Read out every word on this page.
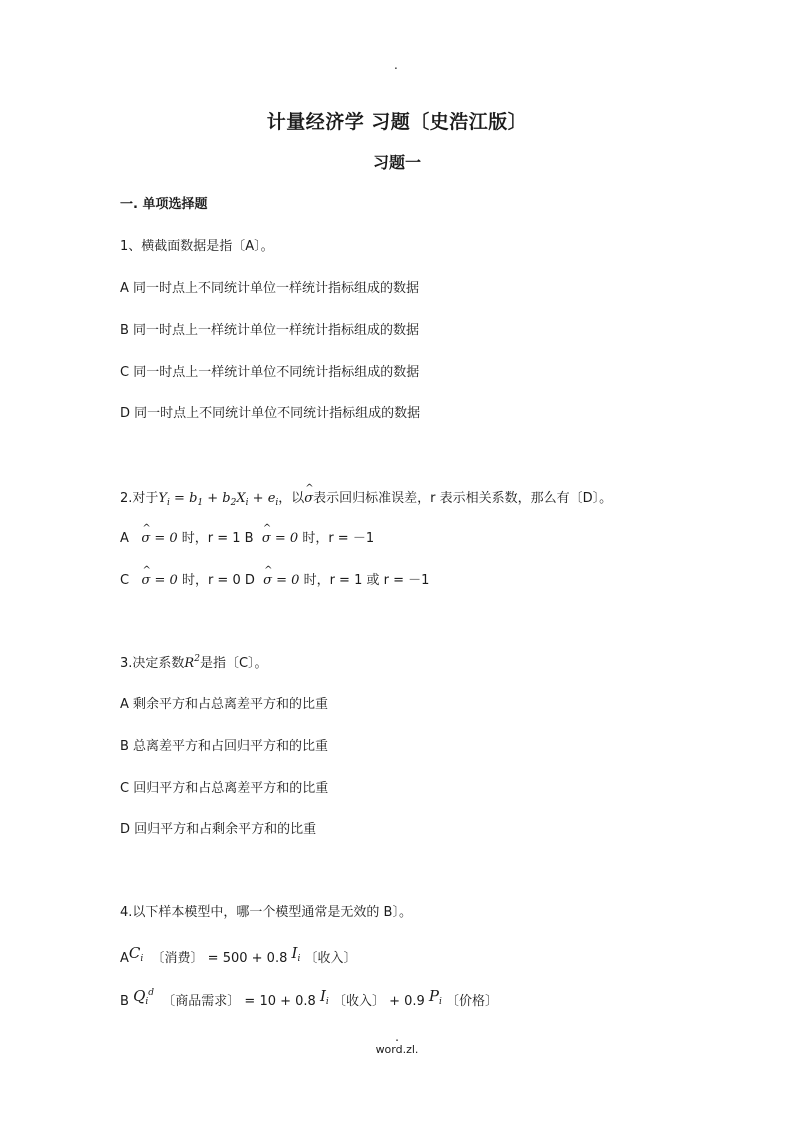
.
计量经济学 习题〔史浩江版〕
习题一
一. 单项选择题
1、横截面数据是指〔A〕。
A 同一时点上不同统计单位一样统计指标组成的数据
B 同一时点上一样统计单位一样统计指标组成的数据
C 同一时点上一样统计单位不同统计指标组成的数据
D 同一时点上不同统计单位不同统计指标组成的数据
2.对于$Y_i = b_1 + b_2X_i + e_i$，以^ σ表示回归标准误差，r 表示相关系数，那么有〔D〕。
A ^ σ = 0 时，r = 1 B ^ σ = 0 时，r = －1
C ^ σ = 0 时，r = 0 D ^ σ = 0 时，r = 1 或 r = －1
3.决定系数$R^2$是指〔C〕。
A 剩余平方和占总离差平方和的比重
B 总离差平方和占回归平方和的比重
C 回归平方和占总离差平方和的比重
D 回归平方和占剩余平方和的比重
4.以下样本模型中，哪一个模型通常是无效的 B〕。
$AC_i$ 〔消费〕 = 500 + 0.8 $I_i$ 〔收入〕
B $Q_i^d$  〔商品需求〕 = 10 + 0.8 $I_i$ 〔收入〕 + 0.9 $P_i$ 〔价格〕
.
word.zl.
